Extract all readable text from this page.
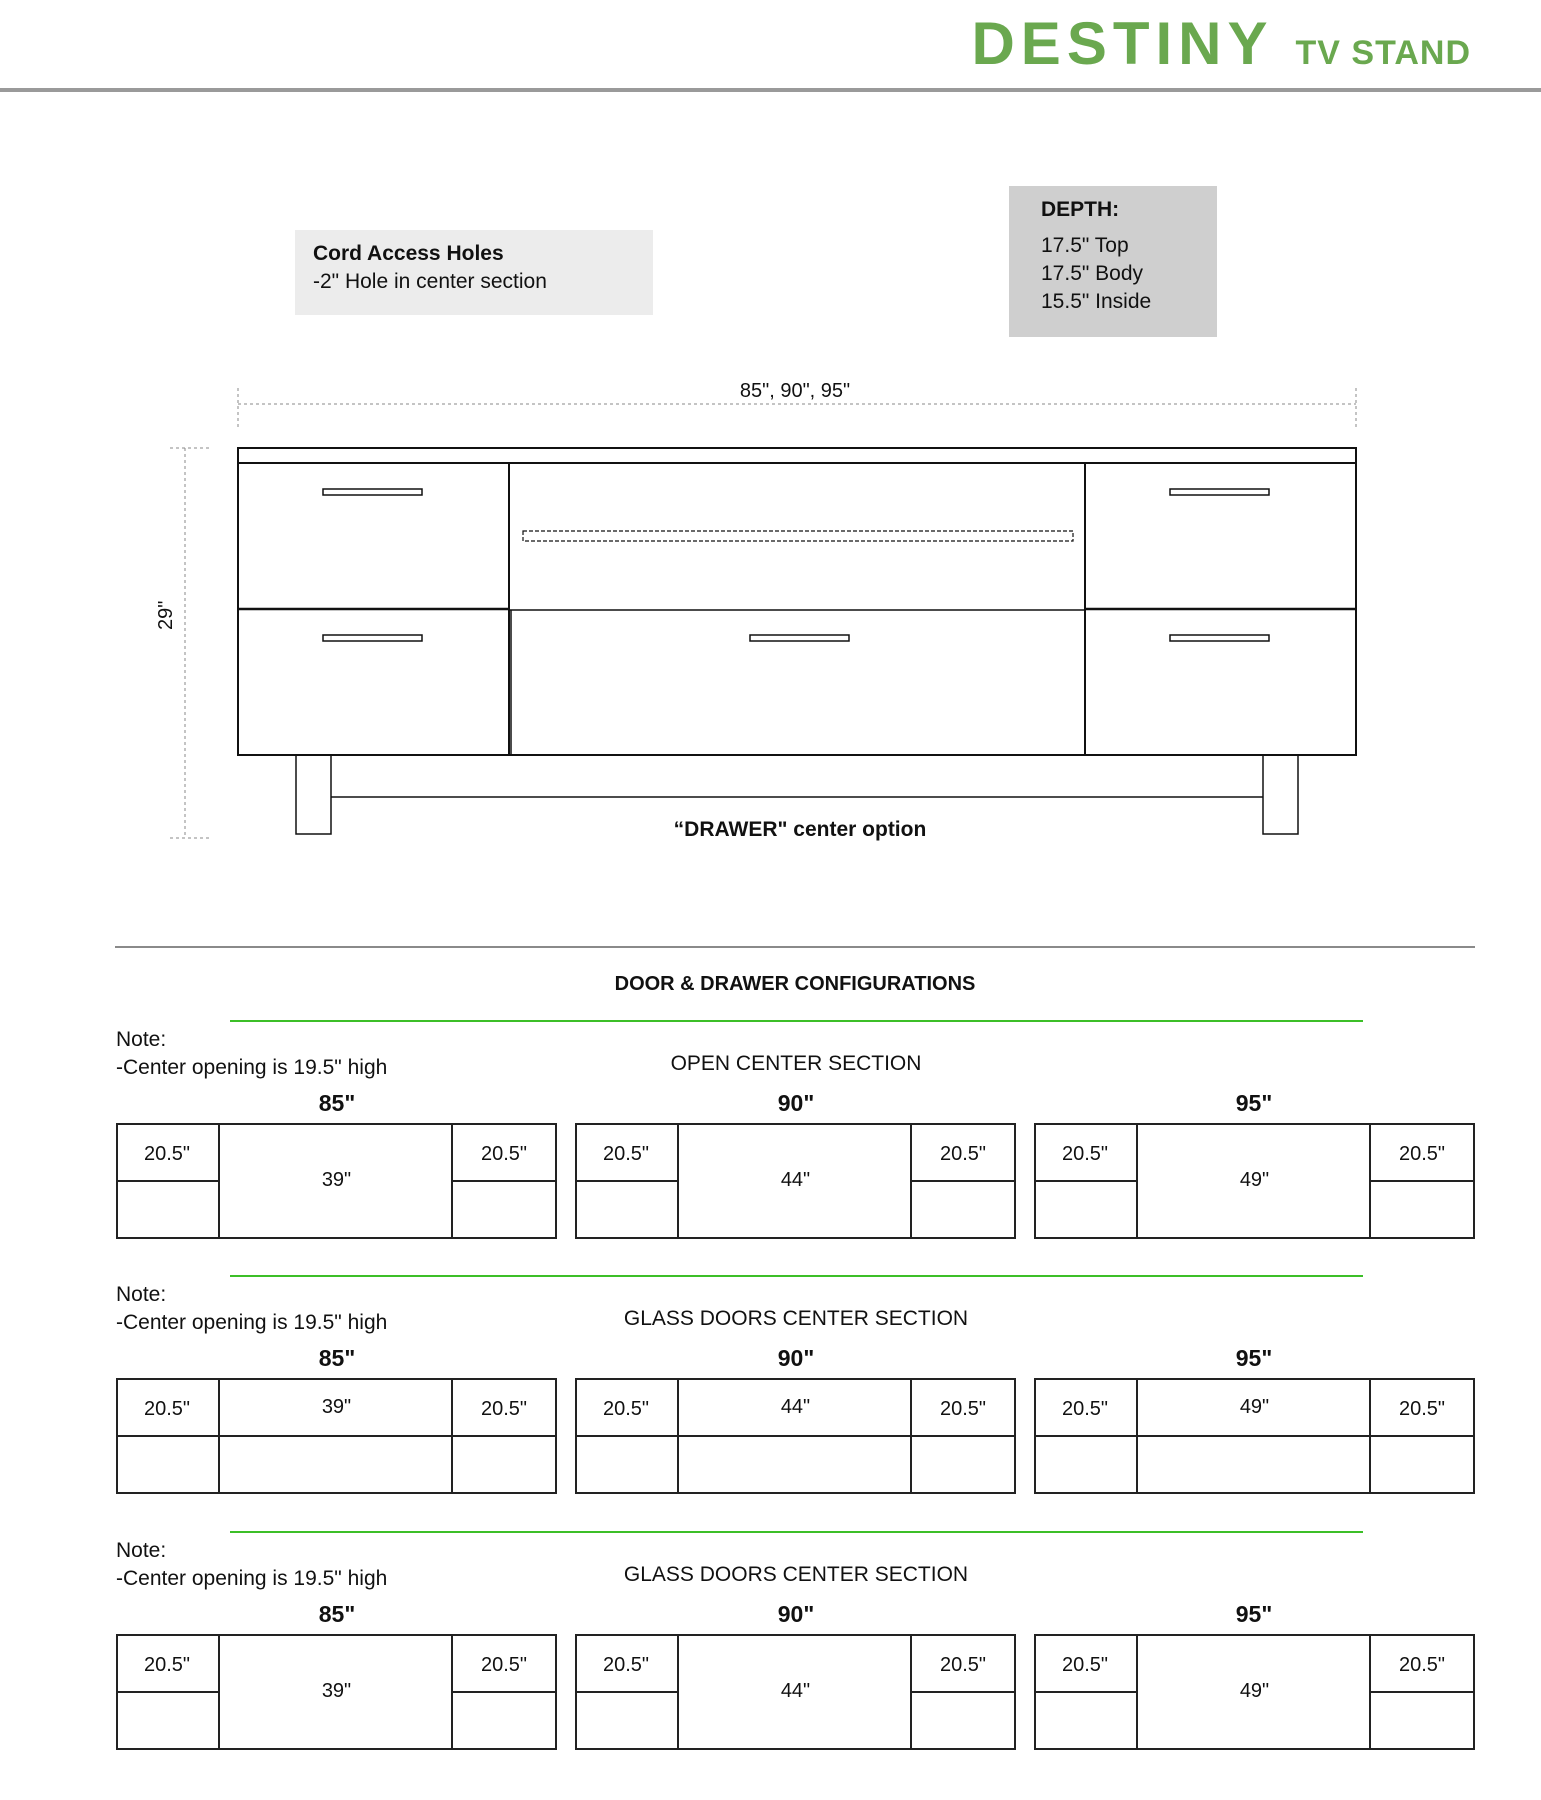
DESTINY TV STAND
Cord Access Holes
-2" Hole in center section
DEPTH:
17.5" Top
17.5" Body
15.5" Inside
85", 90", 95"
29"
“DRAWER" center option
DOOR & DRAWER CONFIGURATIONS
Note:
-Center opening is 19.5" high	OPEN CENTER SECTION
85"
20.5"	20.5"
39"
90"
20.5"	20.5"
44"
95"
20.5"	20.5"
49"
Note:
-Center opening is 19.5" high	GLASS DOORS CENTER SECTION
85"
20.5"	20.5"
39"
90"
20.5"	20.5"
44"
95"
20.5"	20.5"
49"
Note:
-Center opening is 19.5" high	GLASS DOORS CENTER SECTION
85"
20.5"	20.5"
39"
90"
20.5"	20.5"
44"
95"
20.5"	20.5"
49"
